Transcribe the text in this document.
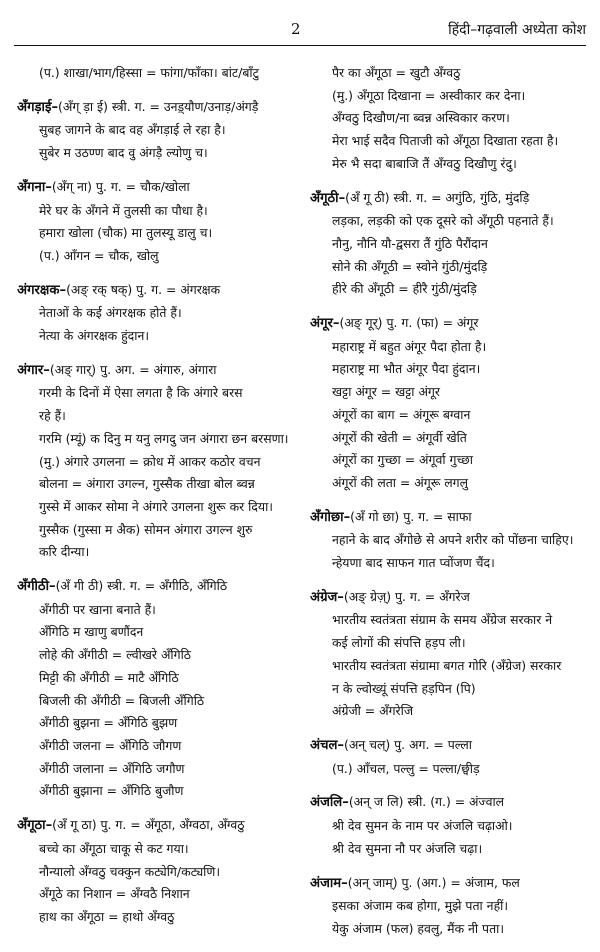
2	हिंदी–गढ़वाली अध्येता कोश
(प.) शाखा/भाग/हिस्सा = फांगा/फाँका। बांट/बाँटु
अँगड़ाई–(अँग् ड़ा ई) स्त्री. ग. = उनड़्यौण/उनाड़/अंगड़ै
सुबह जागने के बाद वह अँगड़ाई ले रहा है।
सुबेर म उठण्ण बाद वु अंगड़ै ल्योणु च।
अँगना–(अँग् ना) पु. ग. = चौक/खोला
मेरे घर के अँगने में तुलसी का पौधा है।
हमारा खोला (चौक) मा तुलस्यू डालु च।
(प.) आँगन = चौक, खोलु
अंगरक्षक–(अङ् रक् षक्) पु. ग. = अंगरक्षक
नेताओं के कई अंगरक्षक होते हैं।
नेत्या के अंगरक्षक हुंदान।
अंगार–(अङ् गार्) पु. अग. = अंगारु, अंगारा
गरमी के दिनों में ऐसा लगता है कि अंगारे बरस
रहे हैं।
गरमि (म्यूं) क दिनु म यनु लगदु जन अंगारा छन बरसणा।
(मु.) अंगारे उगलना = क्रोध में आकर कठोर वचन
बोलना = अंगारा उगल्न, गुस्सैक तीखा बोल ब्वन्न
गुस्से में आकर सोमा ने अंगारे उगलना शुरू कर दिया।
गुस्सैक (गुस्सा म अैक) सोमन अंगारा उगल्न शुरु
करि दीन्या।
अँगीठी–(अँ गी ठी) स्त्री. ग. = अँगीठि, अँगिठि
अँगीठी पर खाना बनाते हैं।
अँगिठि म खाणु बणौंदन
लोहे की अँगीठी = ल्वीखरे अँगिठि
मिट्टी की अँगीठी = माटै अँगिठि
बिजली की अँगीठी = बिजली अँगिठि
अँगीठी बुझना = अँगिठि बुझण
अँगीठी जलना = अँगिठि जौगण
अँगीठी जलाना = अँगिठि जगौण
अँगीठी बुझाना = अँगिठि बुजौण
अँगूठा–(अँ गू ठा) पु. ग. = अँगूठा, अँग्वठा, अँग्वठु
बच्चे का अँगूठा चाकू से कट गया।
नौन्यालो अँग्वठु चक्कुन कट्येगि/कट्यणि।
अँगूठे का निशान = अँग्वठै निशान
हाथ का अँगूठा = हाथो अँग्वठु
पैर का अँगूठा = खुटौ अँग्वठु
(मु.) अँगूठा दिखाना = अस्वीकार कर देना।
अँग्वठु दिखौण/ना ब्वन्न अस्विकार करण।
मेरा भाई सदैव पिताजी को अँगूठा दिखाता रहता है।
मेरु भै सदा बाबाजि तैं अँग्वठु दिखौणु रंदु।
अँगूठी–(अँ गू ठी) स्त्री. ग. = अगुंठि, गुंठि, मुंदड़ि
लड़का, लड़की को एक दूसरे को अँगूठी पहनाते हैं।
नौनु, नौनि यौ-द्वसरा तैं गुंठि पैरौंदान
सोने की अँगूठी = स्वोने गुंठी/मुंदड़ि
हीरे की अँगूठी = हीरै गुंठी/मुंदड़ि
अंगूर–(अङ् गूर्) पु. ग. (फा) = अंगूर
महाराष्ट्र में बहुत अंगूर पैदा होता है।
महाराष्ट्र मा भौत अंगूर पैदा हुंदान।
खट्टा अंगूर = खट्टा अंगूर
अंगूरों का बाग = अंगूरू बग्वान
अंगूरों की खेती = अंगूर्वी खेति
अंगूरों का गुच्छा = अंगूर्वा गुच्छा
अंगूरों की लता = अंगूरू लगलु
अँगोछा–(अँ गो छा) पु. ग. = साफा
नहाने के बाद अँगोछे से अपने शरीर को पोंछना चाहिए।
न्हेयणा बाद साफन गात प्वोंजण चैंद।
अंग्रेज–(अङ् ग्रेज़्) पु. ग. = अँगरेज
भारतीय स्वतंत्रता संग्राम के समय अँग्रेज सरकार ने
कई लोगों की संपत्ति हड़प ली।
भारतीय स्वतंत्रता संग्रामा बगत गोरि (अँग्रेज) सरकार
न के ल्वोख्यूं संपत्ति हड़पिन (पि)
अंग्रेजी = अँगरेजि
अंचल–(अन् चल्) पु. अग. = पल्ला
(प.) आँचल, पल्लु = पल्ला/छ्वीड़
अंजलि–(अन् ज लि) स्त्री. (ग.) = अंज्वाल
श्री देव सुमन के नाम पर अंजलि चढ़ाओ।
श्री देव सुमना नौ पर अंजलि चढ़ा।
अंजाम–(अन् जाम्) पु. (अग.) = अंजाम, फल
इसका अंजाम कब होगा, मुझे पता नहीं।
येकु अंजाम (फल) हवलु, मैंक नी पता।
